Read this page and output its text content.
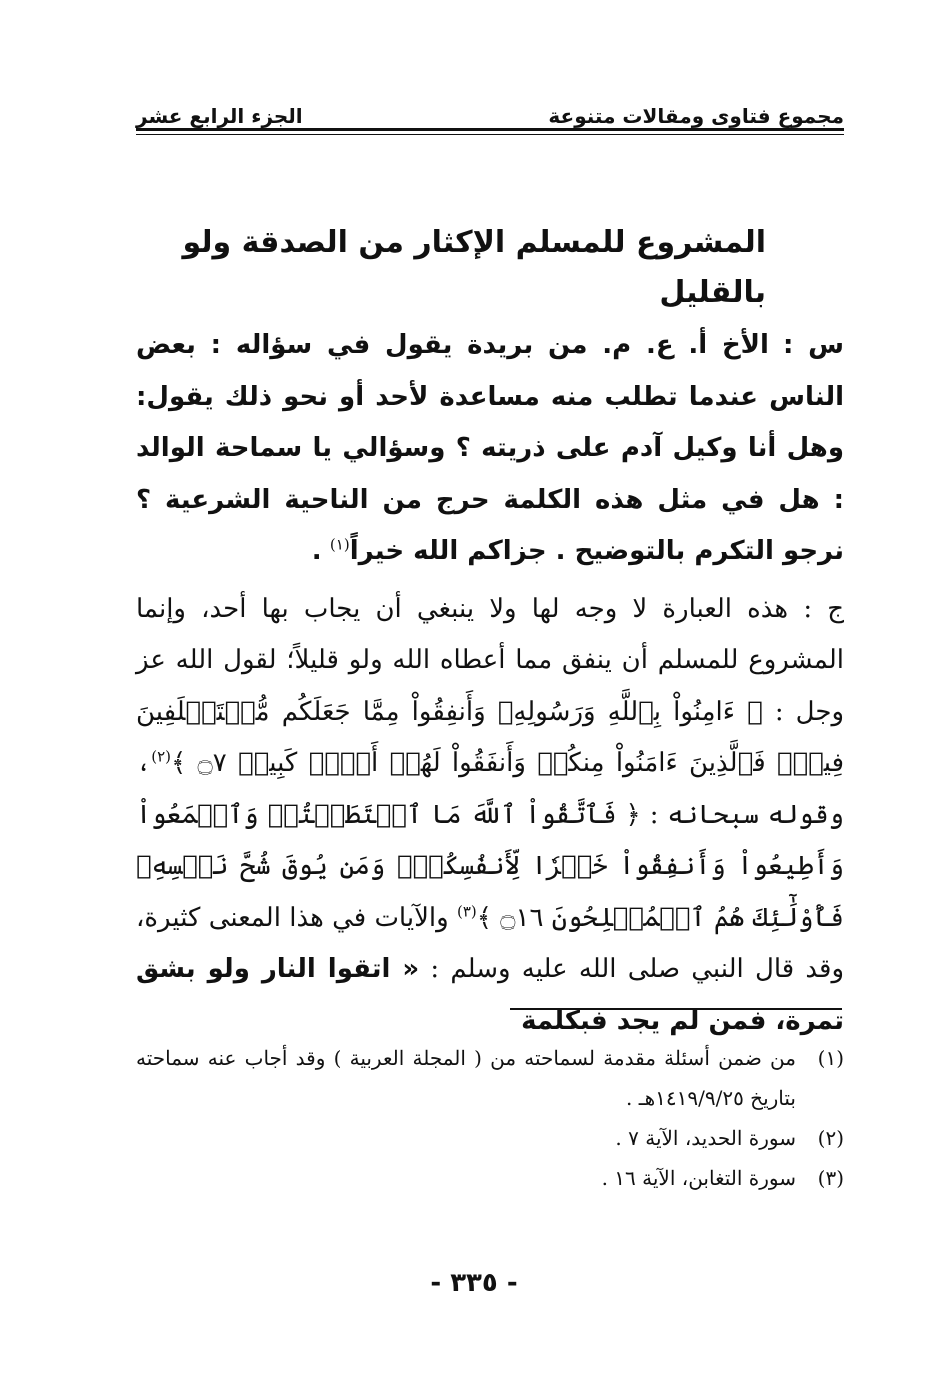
مجموع فتاوى ومقالات متنوعة
الجزء الرابع عشر
المشروع للمسلم الإكثار من الصدقة ولو بالقليل

س : الأخ أ. ع. م. من بريدة يقول في سؤاله : بعض الناس عندما تطلب منه مساعدة لأحد أو نحو ذلك يقول: وهل أنا وكيل آدم على ذريته ؟ وسؤالي يا سماحة الوالد : هل في مثل هذه الكلمة حرج من الناحية الشرعية ؟ نرجو التكرم بالتوضيح . جزاكم الله خيراً$^{(١)}$ .

ج : هذه العبارة لا وجه لها ولا ينبغي أن يجاب بها أحد، وإنما المشروع للمسلم أن ينفق مما أعطاه الله ولو قليلاً؛ لقول الله عز وجل : ﴿ ءَامِنُواْ بِٱللَّهِ وَرَسُولِهِۦ وَأَنفِقُواْ مِمَّا جَعَلَكُم مُّسۡتَخۡلَفِينَ فِيهِۖ فَٱلَّذِينَ ءَامَنُواْ مِنكُمۡ وَأَنفَقُواْ لَهُمۡ أَجۡرٞ كَبِيرٞ ۝٧ ﴾$^{(٢)}$، وقوله سبحانه : ﴿ فَٱتَّقُواْ ٱللَّهَ مَا ٱسۡتَطَعۡتُمۡ وَٱسۡمَعُواْ وَأَطِيعُواْ وَأَنفِقُواْ خَيۡرٗا لِّأَنفُسِكُمۡۗ وَمَن يُوقَ شُحَّ نَفۡسِهِۦ فَأُوْلَٰٓئِكَ هُمُ ٱلۡمُفۡلِحُونَ ۝١٦ ﴾$^{(٣)}$ والآيات في هذا المعنى كثيرة، وقد قال النبي صلى الله عليه وسلم : « اتقوا النار ولو بشق تمرة، فمن لم يجد فبكلمة

(١)
من ضمن أسئلة مقدمة لسماحته من ( المجلة العربية ) وقد أجاب عنه سماحته بتاريخ ١٤١٩/٩/٢٥هـ .
(٢)
سورة الحديد، الآية ٧ .
(٣)
سورة التغابن، الآية ١٦ .
- ٣٣٥ -
